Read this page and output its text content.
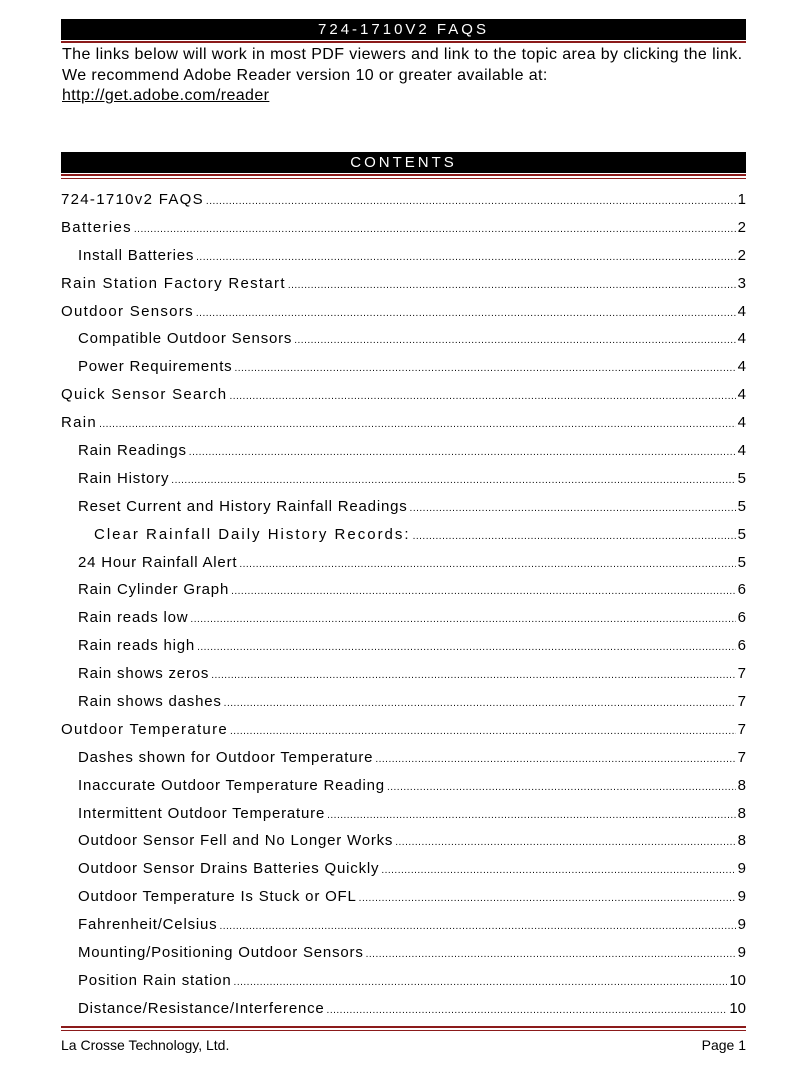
724-1710V2 FAQS
The links below will work in most PDF viewers and link to the topic area by clicking the link. We recommend Adobe Reader version 10 or greater available at:
http://get.adobe.com/reader
CONTENTS
724-1710v2 FAQS .....	1
Batteries .....	2
Install Batteries .....	2
Rain Station Factory Restart .....	3
Outdoor Sensors .....	4
Compatible Outdoor Sensors .....	4
Power Requirements .....	4
Quick Sensor Search .....	4
Rain .....	4
Rain Readings .....	4
Rain History .....	5
Reset Current and History Rainfall Readings .....	5
Clear Rainfall Daily History Records: .....	5
24 Hour Rainfall Alert .....	5
Rain Cylinder Graph .....	6
Rain reads low .....	6
Rain reads high .....	6
Rain shows zeros .....	7
Rain shows dashes .....	7
Outdoor Temperature .....	7
Dashes shown for Outdoor Temperature .....	7
Inaccurate Outdoor Temperature Reading .....	8
Intermittent Outdoor Temperature .....	8
Outdoor Sensor Fell and No Longer Works .....	8
Outdoor Sensor Drains Batteries Quickly .....	9
Outdoor Temperature Is Stuck or OFL .....	9
Fahrenheit/Celsius .....	9
Mounting/Positioning Outdoor Sensors .....	9
Position Rain station .....	10
Distance/Resistance/Interference .....	10
La Crosse Technology, Ltd.	Page 1
